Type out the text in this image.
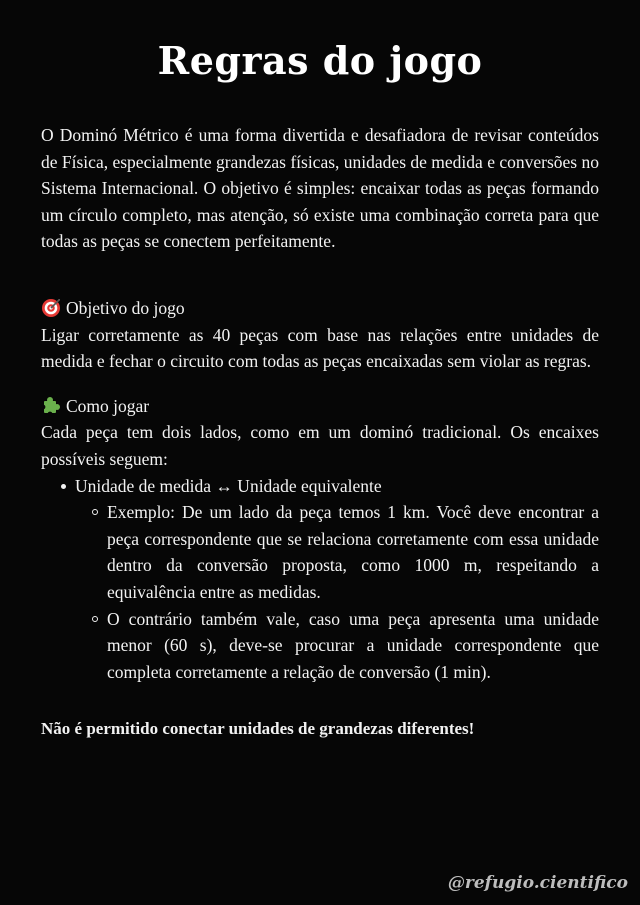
Regras do jogo

O Dominó Métrico é uma forma divertida e desafiadora de revisar conteúdos de Física, especialmente grandezas físicas, unidades de medida e conversões no Sistema Internacional. O objetivo é simples: encaixar todas as peças formando um círculo completo, mas atenção, só existe uma combinação correta para que todas as peças se conectem perfeitamente.

Objetivo do jogo

Ligar corretamente as 40 peças com base nas relações entre unidades de medida e fechar o circuito com todas as peças encaixadas sem violar as regras.

Como jogar

Cada peça tem dois lados, como em um dominó tradicional. Os encaixes possíveis seguem:

Unidade de medida ↔ Unidade equivalente
Exemplo: De um lado da peça temos 1 km. Você deve encontrar a peça correspondente que se relaciona corretamente com essa unidade dentro da conversão proposta, como 1000 m, respeitando a equivalência entre as medidas.
O contrário também vale, caso uma peça apresenta uma unidade menor (60 s), deve-se procurar a unidade correspondente que completa corretamente a relação de conversão (1 min).

Não é permitido conectar unidades de grandezas diferentes!

@refugio.cientifico
